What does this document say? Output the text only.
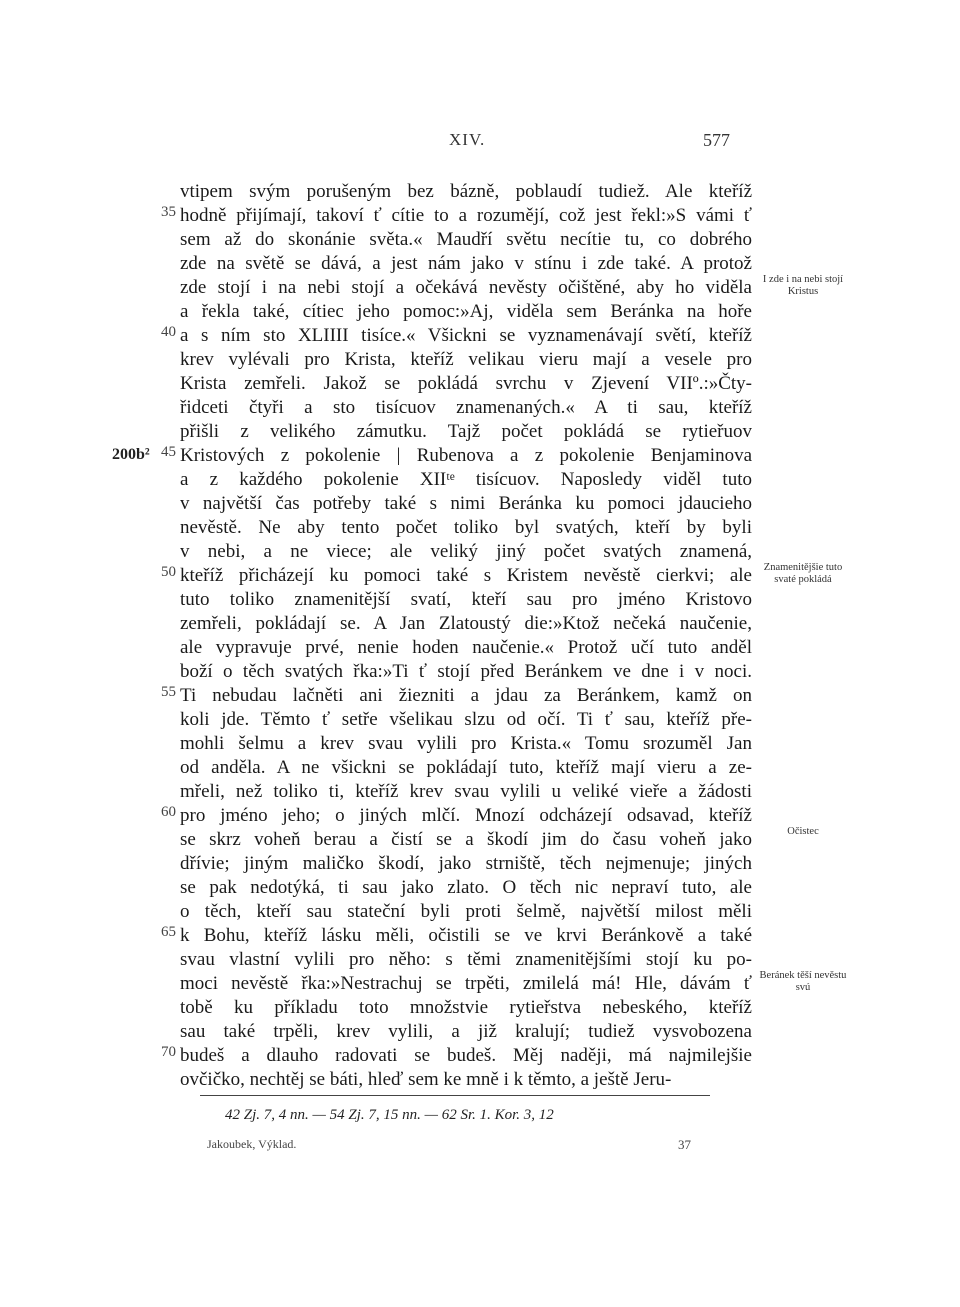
XIV.	577
vtipem svým porušeným bez bázně, poblaudí tudiež. Ale kteříž
hodně přijímají, takoví ť cítie to a rozumějí, což jest řekl:»S vámi ť
35
sem až do skonánie světa.« Maudří světu necítie tu, co dobrého
zde na světě se dává, a jest nám jako v stínu i zde také. A protož
zde stojí i na nebi stojí a očekává nevěsty očištěné, aby ho viděla
a řekla také, cítiec jeho pomoc:»Aj, viděla sem Beránka na hoře
a s ním sto XLIIII tisíce.« Všickni se vyznamenávají světí, kteříž
40
krev vylévali pro Krista, kteříž velikau vieru mají a vesele pro
Krista zemřeli. Jakož se pokládá svrchu v Zjevení VIIº.:»Čty-
řidceti čtyři a sto tisícuov znamenaných.« A ti sau, kteříž
přišli z velikého zámutku. Tajž počet pokládá se rytieřuov
Kristových z pokolenie | Rubenova a z pokolenie Benjaminova
45
a z každého pokolenie XIIᵗᵉ tisícuov. Naposledy viděl tuto
v najvětší čas potřeby také s nimi Beránka ku pomoci jdaucieho
nevěstě. Ne aby tento počet toliko byl svatých, kteří by byli
v nebi, a ne viece; ale veliký jiný počet svatých znamená,
kteříž přicházejí ku pomoci také s Kristem nevěstě cierkvi; ale
50
tuto toliko znamenitější svatí, kteří sau pro jméno Kristovo
zemřeli, pokládají se. A Jan Zlatoustý die:»Ktož nečeká naučenie,
ale vypravuje prvé, nenie hoden naučenie.« Protož učí tuto anděl
boží o těch svatých řka:»Ti ť stojí před Beránkem ve dne i v noci.
Ti nebudau lačněti ani žiezniti a jdau za Beránkem, kamž on
55
koli jde. Těmto ť setře všelikau slzu od očí. Ti ť sau, kteříž pře-
mohli šelmu a krev svau vylili pro Krista.« Tomu srozuměl Jan
od anděla. A ne všickni se pokládají tuto, kteříž mají vieru a ze-
mřeli, než toliko ti, kteříž krev svau vylili u veliké vieře a žádosti
pro jméno jeho; o jiných mlčí. Mnozí odcházejí odsavad, kteříž
60
se skrz voheň berau a čistí se a škodí jim do času voheň jako
dřívie; jiným maličko škodí, jako strniště, těch nejmenuje; jiných
se pak nedotýká, ti sau jako zlato. O těch nic nepraví tuto, ale
o těch, kteří sau stateční byli proti šelmě, najvětší milost měli
k Bohu, kteříž lásku měli, očistili se ve krvi Beránkově a také
65
svau vlastní vylili pro něho: s těmi znamenitějšími stojí ku po-
moci nevěstě řka:»Nestrachuj se trpěti, zmilelá má! Hle, dávám ť
tobě ku příkladu toto množstvie rytieřstva nebeského, kteříž
sau také trpěli, krev vylili, a již kralují; tudiež vysvobozena
budeš a dlauho radovati se budeš. Měj naději, má najmilejšie
70
ovčičko, nechtěj se báti, hleď sem ke mně i k těmto, a ještě Jeru-
200b²
I zde i na nebi stojí Kristus
Znamenitějšie tuto svaté pokládá
Očistec
Beránek těší nevěstu svú
42 Zj. 7, 4 nn. — 54 Zj. 7, 15 nn. — 62 Sr. 1. Kor. 3, 12
Jakoubek, Výklad.	37
